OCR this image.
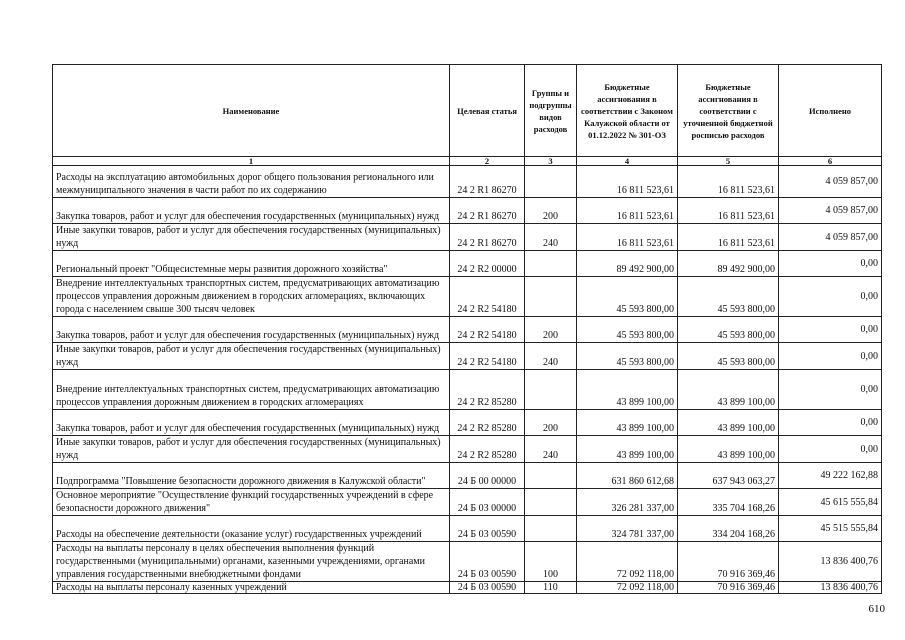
Наименование	Целевая статья	Группы и подгруппы видов расходов	Бюджетные ассигнования в соответствии с Законом Калужской области от 01.12.2022 № 301-ОЗ	Бюджетные ассигнования в соответствии с уточненной бюджетной росписью расходов	Исполнено
1	2	3	4	5	6
Расходы на эксплуатацию автомобильных дорог общего пользования регионального или межмуниципального значения в части работ по их содержанию	24 2 R1 86270		16 811 523,61	16 811 523,61	4 059 857,00
Закупка товаров, работ и услуг для обеспечения государственных (муниципальных) нужд	24 2 R1 86270	200	16 811 523,61	16 811 523,61	4 059 857,00
Иные закупки товаров, работ и услуг для обеспечения государственных (муниципальных) нужд	24 2 R1 86270	240	16 811 523,61	16 811 523,61	4 059 857,00
Региональный проект "Общесистемные меры развития дорожного хозяйства"	24 2 R2 00000		89 492 900,00	89 492 900,00	0,00
Внедрение интеллектуальных транспортных систем, предусматривающих автоматизацию процессов управления дорожным движением в городских агломерациях, включающих города с населением свыше 300 тысяч человек	24 2 R2 54180		45 593 800,00	45 593 800,00	0,00
Закупка товаров, работ и услуг для обеспечения государственных (муниципальных) нужд	24 2 R2 54180	200	45 593 800,00	45 593 800,00	0,00
Иные закупки товаров, работ и услуг для обеспечения государственных (муниципальных) нужд	24 2 R2 54180	240	45 593 800,00	45 593 800,00	0,00
Внедрение интеллектуальных транспортных систем, предусматривающих автоматизацию процессов управления дорожным движением в городских агломерациях	24 2 R2 85280		43 899 100,00	43 899 100,00	0,00
Закупка товаров, работ и услуг для обеспечения государственных (муниципальных) нужд	24 2 R2 85280	200	43 899 100,00	43 899 100,00	0,00
Иные закупки товаров, работ и услуг для обеспечения государственных (муниципальных) нужд	24 2 R2 85280	240	43 899 100,00	43 899 100,00	0,00
Подпрограмма "Повышение безопасности дорожного движения в Калужской области"	24 Б 00 00000		631 860 612,68	637 943 063,27	49 222 162,88
Основное мероприятие "Осуществление функций государственных учреждений в сфере безопасности дорожного движения"	24 Б 03 00000		326 281 337,00	335 704 168,26	45 615 555,84
Расходы на обеспечение деятельности (оказание услуг) государственных учреждений	24 Б 03 00590		324 781 337,00	334 204 168,26	45 515 555,84
Расходы на выплаты персоналу в целях обеспечения выполнения функций государственными (муниципальными) органами, казенными учреждениями, органами управления государственными внебюджетными фондами	24 Б 03 00590	100	72 092 118,00	70 916 369,46	13 836 400,76
Расходы на выплаты персоналу казенных учреждений	24 Б 03 00590	110	72 092 118,00	70 916 369,46	13 836 400,76
610
